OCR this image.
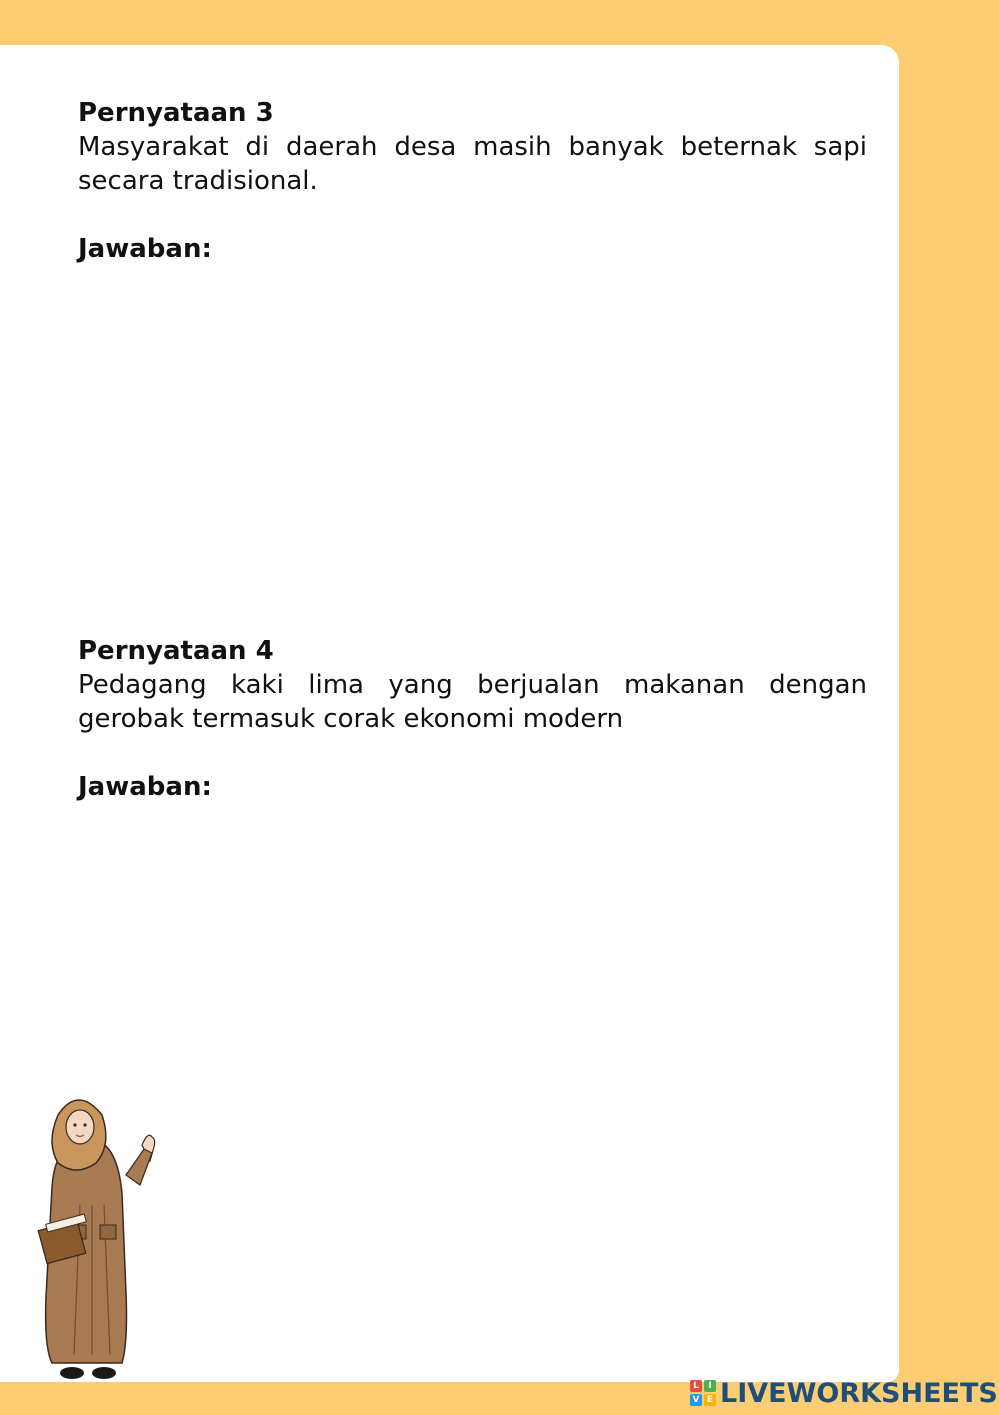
Pernyataan 3

Masyarakat di daerah desa masih banyak beternak sapi secara tradisional.

Jawaban:

Pernyataan 4

Pedagang kaki lima yang berjualan makanan dengan gerobak termasuk corak ekonomi modern

Jawaban:

L	I
V E LIVEWORKSHEETS
